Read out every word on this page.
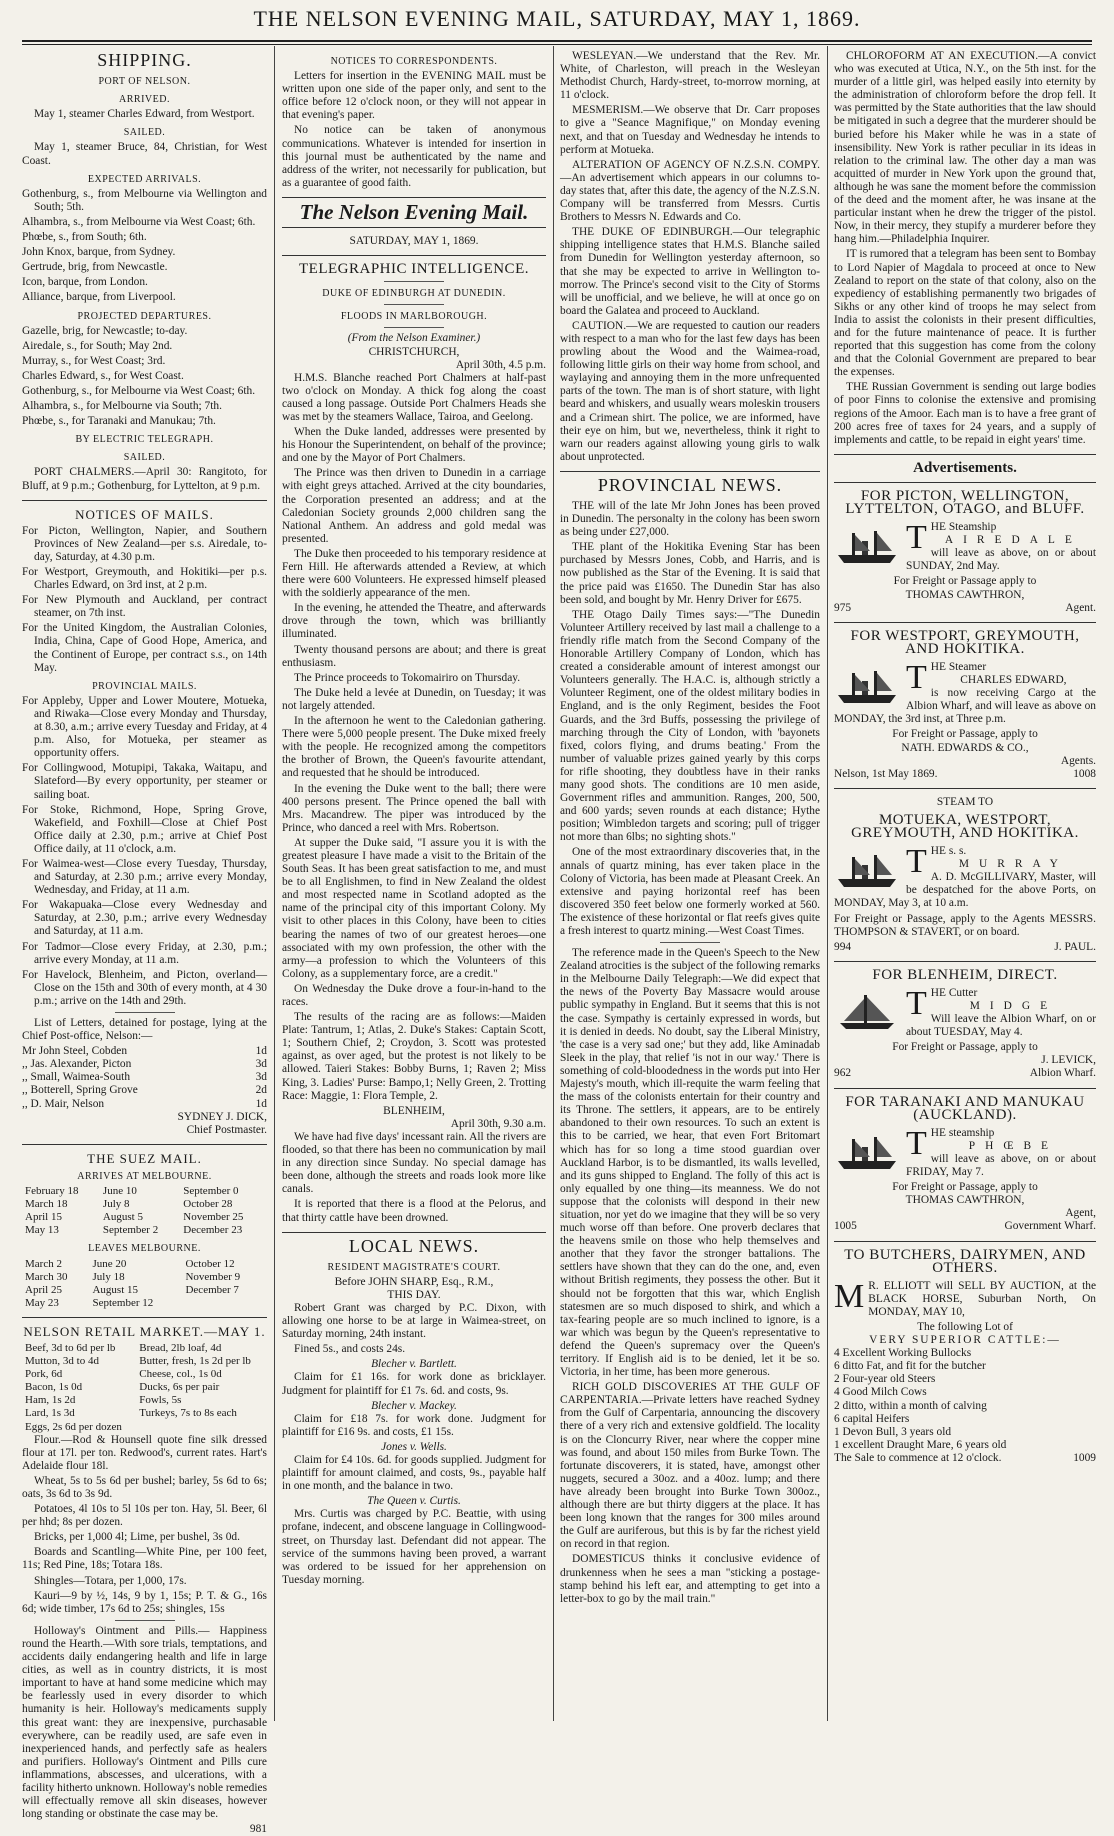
THE NELSON EVENING MAIL, SATURDAY, MAY 1, 1869.
SHIPPING.
PORT OF NELSON.
ARRIVED.

May 1, steamer Charles Edward, from Westport.

SAILED.

May 1, steamer Bruce, 84, Christian, for West Coast.

EXPECTED ARRIVALS.

Gothenburg, s., from Melbourne via Wellington and South; 5th.

Alhambra, s., from Melbourne via West Coast; 6th.

Phœbe, s., from South; 6th.

John Knox, barque, from Sydney.

Gertrude, brig, from Newcastle.

Icon, barque, from London.

Alliance, barque, from Liverpool.

PROJECTED DEPARTURES.

Gazelle, brig, for Newcastle; to-day.

Airedale, s., for South; May 2nd.

Murray, s., for West Coast; 3rd.

Charles Edward, s., for West Coast.

Gothenburg, s., for Melbourne via West Coast; 6th.

Alhambra, s., for Melbourne via South; 7th.

Phœbe, s., for Taranaki and Manukau; 7th.

BY ELECTRIC TELEGRAPH.
SAILED.

PORT CHALMERS.—April 30: Rangitoto, for Bluff, at 9 p.m.; Gothenburg, for Lyttelton, at 9 p.m.

NOTICES OF MAILS.

For Picton, Wellington, Napier, and Southern Provinces of New Zealand—per s.s. Airedale, to-day, Saturday, at 4.30 p.m.

For Westport, Greymouth, and Hokitiki—per p.s. Charles Edward, on 3rd inst, at 2 p.m.

For New Plymouth and Auckland, per contract steamer, on 7th inst.

For the United Kingdom, the Australian Colonies, India, China, Cape of Good Hope, America, and the Continent of Europe, per contract s.s., on 14th May.

PROVINCIAL MAILS.

For Appleby, Upper and Lower Moutere, Motueka, and Riwaka—Close every Monday and Thursday, at 8.30, a.m.; arrive every Tuesday and Friday, at 4 p.m. Also, for Motueka, per steamer as opportunity offers.

For Collingwood, Motupipi, Takaka, Waitapu, and Slateford—By every opportunity, per steamer or sailing boat.

For Stoke, Richmond, Hope, Spring Grove, Wakefield, and Foxhill—Close at Chief Post Office daily at 2.30, p.m.; arrive at Chief Post Office daily, at 11 o'clock, a.m.

For Waimea-west—Close every Tuesday, Thursday, and Saturday, at 2.30 p.m.; arrive every Monday, Wednesday, and Friday, at 11 a.m.

For Wakapuaka—Close every Wednesday and Saturday, at 2.30, p.m.; arrive every Wednesday and Saturday, at 11 a.m.

For Tadmor—Close every Friday, at 2.30, p.m.; arrive every Monday, at 11 a.m.

For Havelock, Blenheim, and Picton, overland—Close on the 15th and 30th of every month, at 4 30 p.m.; arrive on the 14th and 29th.

List of Letters, detained for postage, lying at the Chief Post-office, Nelson:—

Mr John Steel, Cobden	1d
,, Jas. Alexander, Picton	3d
,, Small, Waimea-South	3d
,, Botterell, Spring Grove	2d
,, D. Mair, Nelson	1d
SYDNEY J. DICK,
Chief Postmaster.
THE SUEZ MAIL.
ARRIVES AT MELBOURNE.
February 18	June 10	September 0
March 18	July 8	October 28
April 15	August 5	November 25
May 13	September 2	December 23
LEAVES MELBOURNE.
March 2	June 20	October 12
March 30	July 18	November 9
April 25	August 15	December 7
May 23	September 12	
NELSON RETAIL MARKET.—MAY 1.
Beef, 3d to 6d per lb	Bread, 2lb loaf, 4d
Mutton, 3d to 4d	Butter, fresh, 1s 2d per lb
Pork, 6d	Cheese, col., 1s 0d
Bacon, 1s 0d	Ducks, 6s per pair
Ham, 1s 2d	Fowls, 5s
Lard, 1s 3d	Turkeys, 7s to 8s each
Eggs, 2s 6d per dozen	

Flour.—Rod & Hounsell quote fine silk dressed flour at 17l. per ton. Redwood's, current rates. Hart's Adelaide flour 18l.

Wheat, 5s to 5s 6d per bushel; barley, 5s 6d to 6s; oats, 3s 6d to 3s 9d.

Potatoes, 4l 10s to 5l 10s per ton. Hay, 5l. Beer, 6l per hhd; 8s per dozen.

Bricks, per 1,000 4l; Lime, per bushel, 3s 0d.

Boards and Scantling—White Pine, per 100 feet, 11s; Red Pine, 18s; Totara 18s.

Shingles—Totara, per 1,000, 17s.

Kauri—9 by ½, 14s, 9 by 1, 15s; P. T. & G., 16s 6d; wide timber, 17s 6d to 25s; shingles, 15s

Holloway's Ointment and Pills.— Happiness round the Hearth.—With sore trials, temptations, and accidents daily endangering health and life in large cities, as well as in country districts, it is most important to have at hand some medicine which may be fearlessly used in every disorder to which humanity is heir. Holloway's medicaments supply this great want: they are inexpensive, purchasable everywhere, can be readily used, are safe even in inexperienced hands, and perfectly safe as healers and purifiers. Holloway's Ointment and Pills cure inflammations, abscesses, and ulcerations, with a facility hitherto unknown. Holloway's noble remedies will effectually remove all skin diseases, however long standing or obstinate the case may be.

981
NOTICES TO CORRESPONDENTS.

Letters for insertion in the EVENING MAIL must be written upon one side of the paper only, and sent to the office before 12 o'clock noon, or they will not appear in that evening's paper.

No notice can be taken of anonymous communications. Whatever is intended for insertion in this journal must be authenticated by the name and address of the writer, not necessarily for publication, but as a guarantee of good faith.

The Nelson Evening Mail.
SATURDAY, MAY 1, 1869.
TELEGRAPHIC INTELLIGENCE.
DUKE OF EDINBURGH AT DUNEDIN.
FLOODS IN MARLBOROUGH.
(From the Nelson Examiner.)
CHRISTCHURCH,
April 30th, 4.5 p.m.

H.M.S. Blanche reached Port Chalmers at half-past two o'clock on Monday. A thick fog along the coast caused a long passage. Outside Port Chalmers Heads she was met by the steamers Wallace, Tairoa, and Geelong.

When the Duke landed, addresses were presented by his Honour the Superintendent, on behalf of the province; and one by the Mayor of Port Chalmers.

The Prince was then driven to Dunedin in a carriage with eight greys attached. Arrived at the city boundaries, the Corporation presented an address; and at the Caledonian Society grounds 2,000 children sang the National Anthem. An address and gold medal was presented.

The Duke then proceeded to his temporary residence at Fern Hill. He afterwards attended a Review, at which there were 600 Volunteers. He expressed himself pleased with the soldierly appearance of the men.

In the evening, he attended the Theatre, and afterwards drove through the town, which was brilliantly illuminated.

Twenty thousand persons are about; and there is great enthusiasm.

The Prince proceeds to Tokomairiro on Thursday.

The Duke held a levée at Dunedin, on Tuesday; it was not largely attended.

In the afternoon he went to the Caledonian gathering. There were 5,000 people present. The Duke mixed freely with the people. He recognized among the competitors the brother of Brown, the Queen's favourite attendant, and requested that he should be introduced.

In the evening the Duke went to the ball; there were 400 persons present. The Prince opened the ball with Mrs. Macandrew. The piper was introduced by the Prince, who danced a reel with Mrs. Robertson.

At supper the Duke said, "I assure you it is with the greatest pleasure I have made a visit to the Britain of the South Seas. It has been great satisfaction to me, and must be to all Englishmen, to find in New Zealand the oldest and most respected name in Scotland adopted as the name of the principal city of this important Colony. My visit to other places in this Colony, have been to cities bearing the names of two of our greatest heroes—one associated with my own profession, the other with the army—a profession to which the Volunteers of this Colony, as a supplementary force, are a credit."

On Wednesday the Duke drove a four-in-hand to the races.

The results of the racing are as follows:—Maiden Plate: Tantrum, 1; Atlas, 2. Duke's Stakes: Captain Scott, 1; Southern Chief, 2; Croydon, 3. Scott was protested against, as over aged, but the protest is not likely to be allowed. Taieri Stakes: Bobby Burns, 1; Raven 2; Miss King, 3. Ladies' Purse: Bampo,1; Nelly Green, 2. Trotting Race: Maggie, 1: Flora Temple, 2.

BLENHEIM,
April 30th, 9.30 a.m.

We have had five days' incessant rain. All the rivers are flooded, so that there has been no communication by mail in any direction since Sunday. No special damage has been done, although the streets and roads look more like canals.

It is reported that there is a flood at the Pelorus, and that thirty cattle have been drowned.

LOCAL NEWS.
RESIDENT MAGISTRATE'S COURT.
Before JOHN SHARP, Esq., R.M.,
THIS DAY.

Robert Grant was charged by P.C. Dixon, with allowing one horse to be at large in Waimea-street, on Saturday morning, 24th instant.

Fined 5s., and costs 24s.

Blecher v. Bartlett.

Claim for £1 16s. for work done as bricklayer. Judgment for plaintiff for £1 7s. 6d. and costs, 9s.

Blecher v. Mackey.

Claim for £18 7s. for work done. Judgment for plaintiff for £16 9s. and costs, £1 15s.

Jones v. Wells.

Claim for £4 10s. 6d. for goods supplied. Judgment for plaintiff for amount claimed, and costs, 9s., payable half in one month, and the balance in two.

The Queen v. Curtis.

Mrs. Curtis was charged by P.C. Beattie, with using profane, indecent, and obscene language in Collingwood-street, on Thursday last. Defendant did not appear. The service of the summons having been proved, a warrant was ordered to be issued for her apprehension on Tuesday morning.

WESLEYAN.—We understand that the Rev. Mr. White, of Charleston, will preach in the Wesleyan Methodist Church, Hardy-street, to-morrow morning, at 11 o'clock.

MESMERISM.—We observe that Dr. Carr proposes to give a "Seance Magnifique," on Monday evening next, and that on Tuesday and Wednesday he intends to perform at Motueka.

ALTERATION OF AGENCY OF N.Z.S.N. COMPY. —An advertisement which appears in our columns to-day states that, after this date, the agency of the N.Z.S.N. Company will be transferred from Messrs. Curtis Brothers to Messrs N. Edwards and Co.

THE DUKE OF EDINBURGH.—Our telegraphic shipping intelligence states that H.M.S. Blanche sailed from Dunedin for Wellington yesterday afternoon, so that she may be expected to arrive in Wellington to-morrow. The Prince's second visit to the City of Storms will be unofficial, and we believe, he will at once go on board the Galatea and proceed to Auckland.

CAUTION.—We are requested to caution our readers with respect to a man who for the last few days has been prowling about the Wood and the Waimea-road, following little girls on their way home from school, and waylaying and annoying them in the more unfrequented parts of the town. The man is of short stature, with light beard and whiskers, and usually wears moleskin trousers and a Crimean shirt. The police, we are informed, have their eye on him, but we, nevertheless, think it right to warn our readers against allowing young girls to walk about unprotected.

PROVINCIAL NEWS.

THE will of the late Mr John Jones has been proved in Dunedin. The personalty in the colony has been sworn as being under £27,000.

THE plant of the Hokitika Evening Star has been purchased by Messrs Jones, Cobb, and Harris, and is now published as the Star of the Evening. It is said that the price paid was £1650. The Dunedin Star has also been sold, and bought by Mr. Henry Driver for £675.

THE Otago Daily Times says:—"The Dunedin Volunteer Artillery received by last mail a challenge to a friendly rifle match from the Second Company of the Honorable Artillery Company of London, which has created a considerable amount of interest amongst our Volunteers generally. The H.A.C. is, although strictly a Volunteer Regiment, one of the oldest military bodies in England, and is the only Regiment, besides the Foot Guards, and the 3rd Buffs, possessing the privilege of marching through the City of London, with 'bayonets fixed, colors flying, and drums beating.' From the number of valuable prizes gained yearly by this corps for rifle shooting, they doubtless have in their ranks many good shots. The conditions are 10 men aside, Government rifles and ammunition. Ranges, 200, 500, and 600 yards; seven rounds at each distance; Hythe position; Wimbledon targets and scoring; pull of trigger not more than 6lbs; no sighting shots."

One of the most extraordinary discoveries that, in the annals of quartz mining, has ever taken place in the Colony of Victoria, has been made at Pleasant Creek. An extensive and paying horizontal reef has been discovered 350 feet below one formerly worked at 560. The existence of these horizontal or flat reefs gives quite a fresh interest to quartz mining.—West Coast Times.

The reference made in the Queen's Speech to the New Zealand atrocities is the subject of the following remarks in the Melbourne Daily Telegraph:—We did expect that the news of the Poverty Bay Massacre would arouse public sympathy in England. But it seems that this is not the case. Sympathy is certainly expressed in words, but it is denied in deeds. No doubt, say the Liberal Ministry, 'the case is a very sad one;' but they add, like Aminadab Sleek in the play, that relief 'is not in our way.' There is something of cold-bloodedness in the words put into Her Majesty's mouth, which ill-requite the warm feeling that the mass of the colonists entertain for their country and its Throne. The settlers, it appears, are to be entirely abandoned to their own resources. To such an extent is this to be carried, we hear, that even Fort Britomart which has for so long a time stood guardian over Auckland Harbor, is to be dismantled, its walls levelled, and its guns shipped to England. The folly of this act is only equalled by one thing—its meanness. We do not suppose that the colonists will despond in their new situation, nor yet do we imagine that they will be so very much worse off than before. One proverb declares that the heavens smile on those who help themselves and another that they favor the stronger battalions. The settlers have shown that they can do the one, and, even without British regiments, they possess the other. But it should not be forgotten that this war, which English statesmen are so much disposed to shirk, and which a tax-fearing people are so much inclined to ignore, is a war which was begun by the Queen's representative to defend the Queen's supremacy over the Queen's territory. If English aid is to be denied, let it be so. Victoria, in her time, has been more generous.

RICH GOLD DISCOVERIES AT THE GULF OF CARPENTARIA.—Private letters have reached Sydney from the Gulf of Carpentaria, announcing the discovery there of a very rich and extensive goldfield. The locality is on the Cloncurry River, near where the copper mine was found, and about 150 miles from Burke Town. The fortunate discoverers, it is stated, have, amongst other nuggets, secured a 30oz. and a 40oz. lump; and there have already been brought into Burke Town 300oz., although there are but thirty diggers at the place. It has been long known that the ranges for 300 miles around the Gulf are auriferous, but this is by far the richest yield on record in that region.

DOMESTICUS thinks it conclusive evidence of drunkenness when he sees a man "sticking a postage-stamp behind his left ear, and attempting to get into a letter-box to go by the mail train."

CHLOROFORM AT AN EXECUTION.—A convict who was executed at Utica, N.Y., on the 5th inst. for the murder of a little girl, was helped easily into eternity by the administration of chloroform before the drop fell. It was permitted by the State authorities that the law should be mitigated in such a degree that the murderer should be buried before his Maker while he was in a state of insensibility. New York is rather peculiar in its ideas in relation to the criminal law. The other day a man was acquitted of murder in New York upon the ground that, although he was sane the moment before the commission of the deed and the moment after, he was insane at the particular instant when he drew the trigger of the pistol. Now, in their mercy, they stupify a murderer before they hang him.—Philadelphia Inquirer.

IT is rumored that a telegram has been sent to Bombay to Lord Napier of Magdala to proceed at once to New Zealand to report on the state of that colony, also on the expediency of establishing permanently two brigades of Sikhs or any other kind of troops he may select from India to assist the colonists in their present difficulties, and for the future maintenance of peace. It is further reported that this suggestion has come from the colony and that the Colonial Government are prepared to bear the expenses.

THE Russian Government is sending out large bodies of poor Finns to colonise the extensive and promising regions of the Amoor. Each man is to have a free grant of 200 acres free of taxes for 24 years, and a supply of implements and cattle, to be repaid in eight years' time.

Advertisements.
FOR PICTON, WELLINGTON, LYTTELTON, OTAGO, and BLUFF.
THE Steamship
AIREDALE

will leave as above, on or about SUNDAY, 2nd May.

For Freight or Passage apply to
THOMAS CAWTHRON,
975	Agent.
FOR WESTPORT, GREYMOUTH, AND HOKITIKA.
THE Steamer
CHARLES EDWARD,

is now receiving Cargo at the Albion Wharf, and will leave as above on MONDAY, the 3rd inst, at Three p.m.

For Freight or Passage, apply to
NATH. EDWARDS & CO.,
Agents.
Nelson, 1st May 1869.	1008
STEAM TO
MOTUEKA, WESTPORT, GREYMOUTH, AND HOKITIKA.
THE s. s.
MURRAY

A. D. McGILLIVARY, Master, will be despatched for the above Ports, on MONDAY, May 3, at 10 a.m.

For Freight or Passage, apply to the Agents MESSRS. THOMPSON & STAVERT, or on board.

994	J. PAUL.
FOR BLENHEIM, DIRECT.
THE Cutter
MIDGE

Will leave the Albion Wharf, on or about TUESDAY, May 4.

For Freight or Passage, apply to
J. LEVICK,
962	Albion Wharf.
FOR TARANAKI AND MANUKAU (AUCKLAND).
THE steamship
PHŒBE

will leave as above, on or about FRIDAY, May 7.

For Freight or Passage, apply to
THOMAS CAWTHRON,
Agent,
1005	Government Wharf.
TO BUTCHERS, DAIRYMEN, AND OTHERS.
M R. ELLIOTT will SELL BY AUCTION, at the BLACK HORSE, Suburban North, On MONDAY, MAY 10,

The following Lot of
VERY SUPERIOR CATTLE:—
4 Excellent Working Bullocks
6 ditto Fat, and fit for the butcher
2 Four-year old Steers
4 Good Milch Cows
2 ditto, within a month of calving
6 capital Heifers
1 Devon Bull, 3 years old
1 excellent Draught Mare, 6 years old
The Sale to commence at 12 o'clock.	1009
